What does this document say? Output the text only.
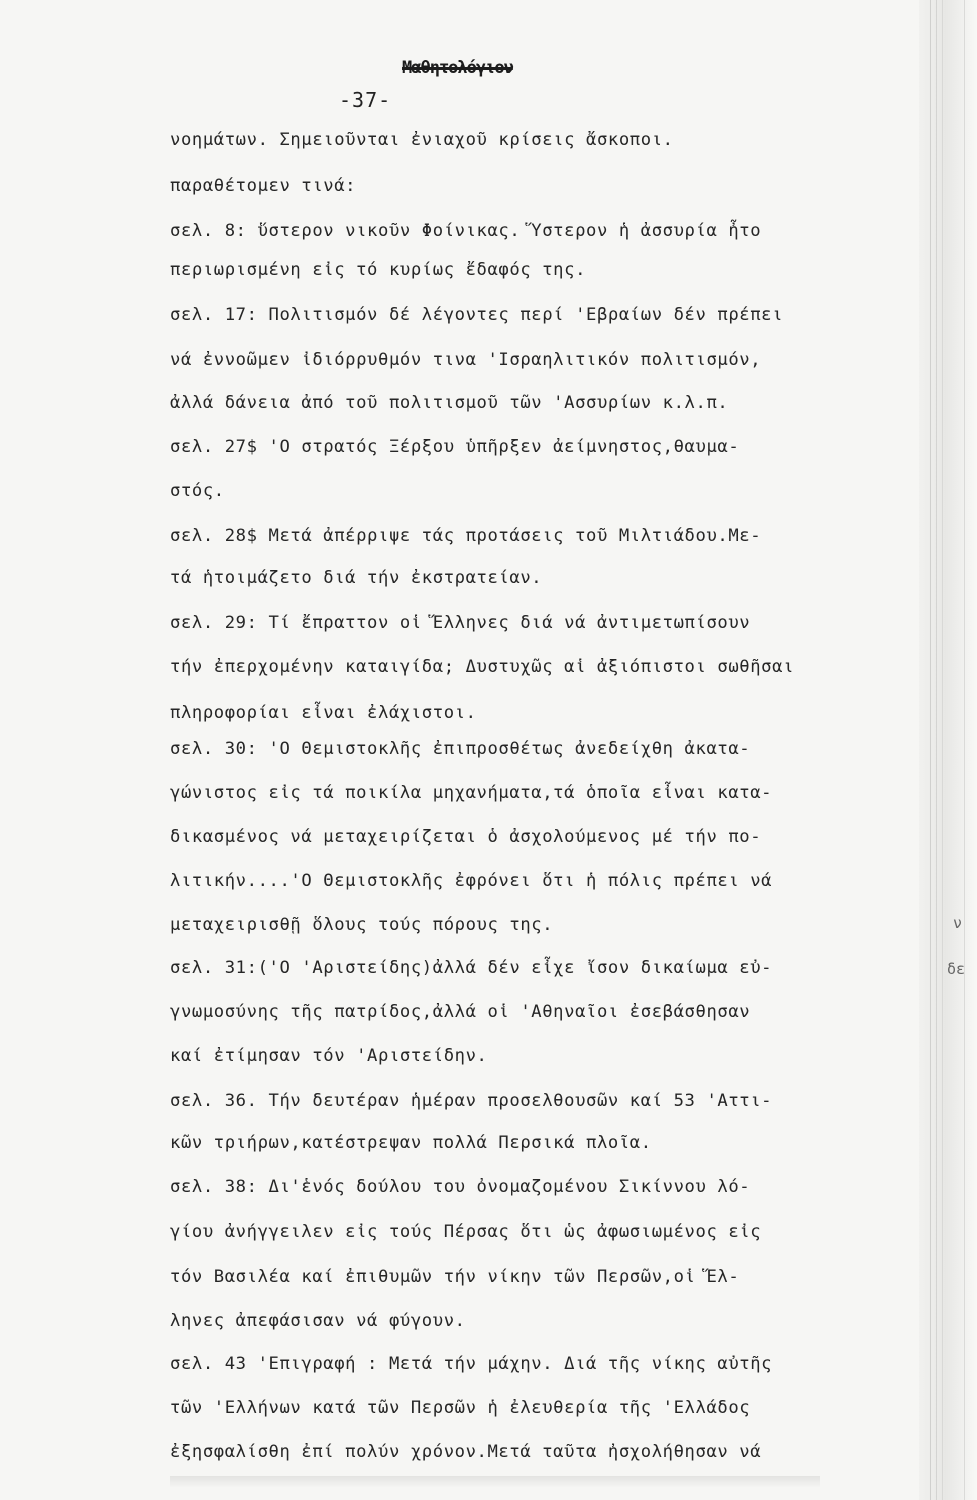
ν
δε
Μαθητολόγιον
-37-
νοημάτων. Σημειοῦνται ἐνιαχοῦ κρίσεις ἄσκοποι.
παραθέτομεν τινά:
σελ. 8: ὕστερον νικοῦν Φοίνικας. Ὕστερον ἡ ἀσσυρία ἦτο
περιωρισμένη εἰς τό κυρίως ἔδαφός της.
σελ. 17: Πολιτισμόν δέ λέγοντες περί 'Εβραίων δέν πρέπει
νά ἐννοῶμεν ἰδιόρρυθμόν τινα 'Ισραηλιτικόν πολιτισμόν,
ἀλλά δάνεια ἀπό τοῦ πολιτισμοῦ τῶν 'Ασσυρίων κ.λ.π.
σελ. 27$ 'Ο στρατός Ξέρξου ὑπῆρξεν ἀείμνηστος,θαυμα-
στός.
σελ. 28$ Μετά ἀπέρριψε τάς προτάσεις τοῦ Μιλτιάδου.Με-
τά ἡτοιμάζετο διά τήν ἐκστρατείαν.
σελ. 29: Τί ἔπραττον οἱ Ἕλληνες διά νά ἀντιμετωπίσουν
τήν ἐπερχομένην καταιγίδα; Δυστυχῶς αἱ ἀξιόπιστοι σωθῆσαι
πληροφορίαι εἶναι ἐλάχιστοι.
σελ. 30: 'Ο Θεμιστοκλῆς ἐπιπροσθέτως ἀνεδείχθη ἀκατα-
γώνιστος εἰς τά ποικίλα μηχανήματα,τά ὁποῖα εἶναι κατα-
δικασμένος νά μεταχειρίζεται ὁ ἀσχολούμενος μέ τήν πο-
λιτικήν....'Ο Θεμιστοκλῆς ἐφρόνει ὅτι ἡ πόλις πρέπει νά
μεταχειρισθῇ ὅλους τούς πόρους της.
σελ. 31:('Ο 'Αριστείδης)ἀλλά δέν εἶχε ἴσον δικαίωμα εὐ-
γνωμοσύνης τῆς πατρίδος,ἀλλά οἱ 'Αθηναῖοι ἐσεβάσθησαν
καί ἐτίμησαν τόν 'Αριστείδην.
σελ. 36. Τήν δευτέραν ἡμέραν προσελθουσῶν καί 53 'Αττι-
κῶν τριήρων,κατέστρεψαν πολλά Περσικά πλοῖα.
σελ. 38: Δι'ἑνός δούλου του ὀνομαζομένου Σικίννου λό-
γίου ἀνήγγειλεν εἰς τούς Πέρσας ὅτι ὡς ἀφωσιωμένος εἰς
τόν Βασιλέα καί ἐπιθυμῶν τήν νίκην τῶν Περσῶν,οἱ Ἕλ-
ληνες ἀπεφάσισαν νά φύγουν.
σελ. 43 'Επιγραφή : Μετά τήν μάχην. Διά τῆς νίκης αὐτῆς
τῶν 'Ελλήνων κατά τῶν Περσῶν ἡ ἐλευθερία τῆς 'Ελλάδος
ἐξησφαλίσθη ἐπί πολύν χρόνον.Μετά ταῦτα ἠσχολήθησαν νά
